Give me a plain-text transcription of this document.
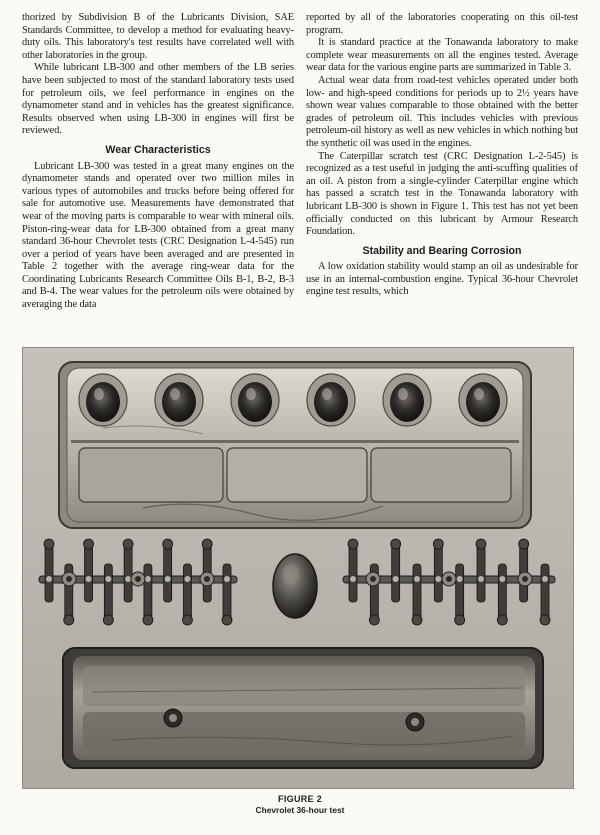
thorized by Subdivision B of the Lubricants Division, SAE Standards Committee, to develop a method for evaluating heavy-duty oils. This laboratory's test results have correlated well with other laboratories in the group.

While lubricant LB-300 and other members of the LB series have been subjected to most of the standard laboratory tests used for petroleum oils, we feel performance in engines on the dynamometer stand and in vehicles has the greatest significance. Results observed when using LB-300 in engines will first be reviewed.

Wear Characteristics

Lubricant LB-300 was tested in a great many engines on the dynamometer stands and operated over two million miles in various types of automobiles and trucks before being offered for sale for automotive use. Measurements have demonstrated that wear of the moving parts is comparable to wear with mineral oils. Piston-ring-wear data for LB-300 obtained from a great many standard 36-hour Chevrolet tests (CRC Designation L-4-545) run over a period of years have been averaged and are presented in Table 2 together with the average ring-wear data for the Coordinating Lubricants Research Committee Oils B-1, B-2, B-3 and B-4. The wear values for the petroleum oils were obtained by averaging the data

reported by all of the laboratories cooperating on this oil-test program.

It is standard practice at the Tonawanda laboratory to make complete wear measurements on all the engines tested. Average wear data for the various engine parts are summarized in Table 3.

Actual wear data from road-test vehicles operated under both low- and high-speed conditions for periods up to 2½ years have shown wear values comparable to those obtained with the better grades of petroleum oil. This includes vehicles with previous petroleum-oil history as well as new vehicles in which nothing but the synthetic oil was used in the engines.

The Caterpillar scratch test (CRC Designation L-2-545) is recognized as a test useful in judging the anti-scuffing qualities of an oil. A piston from a single-cylinder Caterpillar engine which has passed a scratch test in the Tonawanda laboratory with lubricant LB-300 is shown in Figure 1. This test has not yet been officially conducted on this lubricant by Armour Research Foundation.

Stability and Bearing Corrosion

A low oxidation stability would stamp an oil as undesirable for use in an internal-combustion engine. Typical 36-hour Chevrolet engine test results, which

FIGURE 2
Chevrolet 36-hour test
